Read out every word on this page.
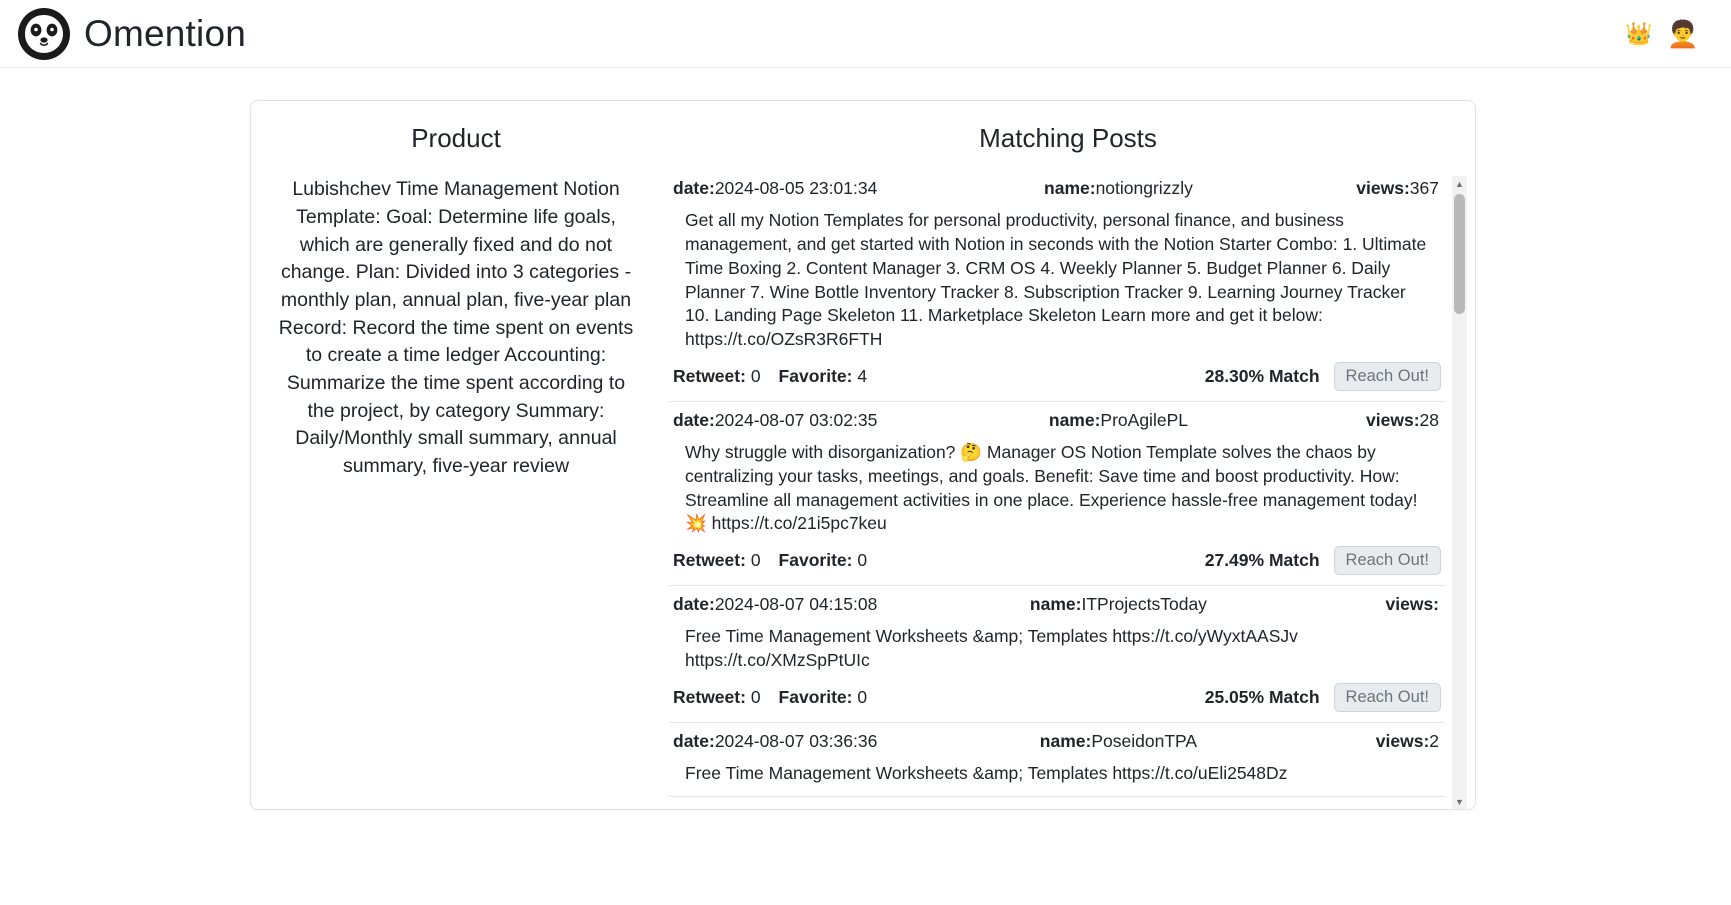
Omention	👑 🧑‍🦱
Product
Lubishchev Time Management Notion Template: Goal: Determine life goals, which are generally fixed and do not change. Plan: Divided into 3 categories - monthly plan, annual plan, five-year plan Record: Record the time spent on events to create a time ledger Accounting: Summarize the time spent according to the project, by category Summary: Daily/Monthly small summary, annual summary, five-year review
Matching Posts
date:2024-08-05 23:01:34	name:notiongrizzly	views:367
Get all my Notion Templates for personal productivity, personal finance, and business management, and get started with Notion in seconds with the Notion Starter Combo: 1. Ultimate Time Boxing 2. Content Manager 3. CRM OS 4. Weekly Planner 5. Budget Planner 6. Daily Planner 7. Wine Bottle Inventory Tracker 8. Subscription Tracker 9. Learning Journey Tracker 10. Landing Page Skeleton 11. Marketplace Skeleton Learn more and get it below: https://t.co/OZsR3R6FTH
Retweet: 0 Favorite: 4	28.30% Match	Reach Out!
date:2024-08-07 03:02:35	name:ProAgilePL	views:28
Why struggle with disorganization? 🤔 Manager OS Notion Template solves the chaos by centralizing your tasks, meetings, and goals. Benefit: Save time and boost productivity. How: Streamline all management activities in one place. Experience hassle-free management today! 💥 https://t.co/21i5pc7keu
Retweet: 0 Favorite: 0	27.49% Match	Reach Out!
date:2024-08-07 04:15:08	name:ITProjectsToday	views:
Free Time Management Worksheets &amp; Templates https://t.co/yWyxtAASJv https://t.co/XMzSpPtUIc
Retweet: 0 Favorite: 0	25.05% Match	Reach Out!
date:2024-08-07 03:36:36	name:PoseidonTPA	views:2
Free Time Management Worksheets &amp; Templates https://t.co/uEli2548Dz
▲
▼
